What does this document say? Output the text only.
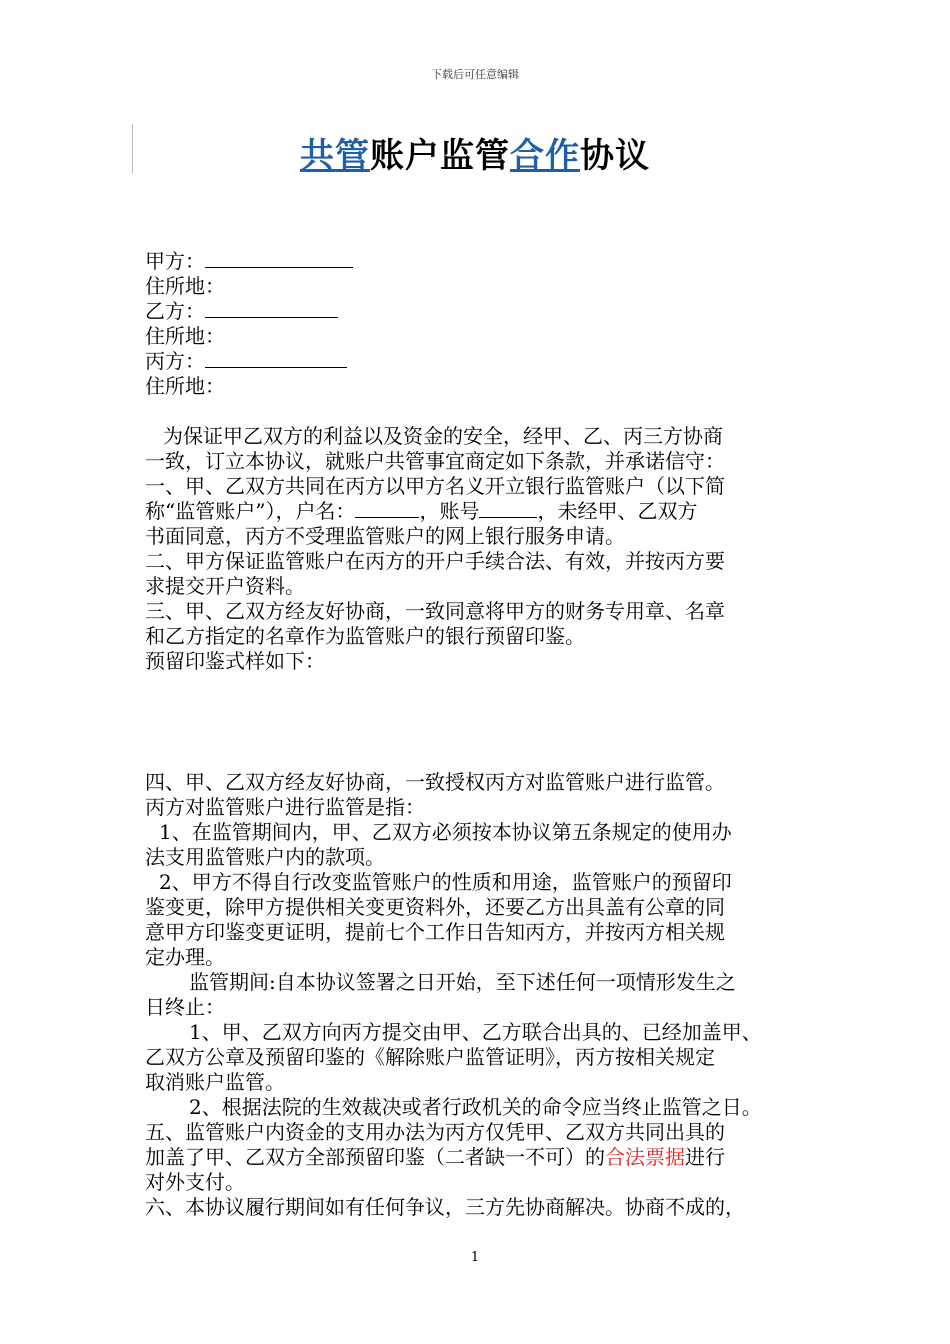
下载后可任意编辑
共管账户监管合作协议
甲方：
住所地：
乙方：
住所地：
丙方：
住所地：
为保证甲乙双方的利益以及资金的安全，经甲、乙、丙三方协商
一致，订立本协议，就账户共管事宜商定如下条款，并承诺信守：
一、甲、乙双方共同在丙方以甲方名义开立银行监管账户（以下简
称“监管账户”），户名：	，账号	，未经甲、乙双方
书面同意，丙方不受理监管账户的网上银行服务申请。
二、甲方保证监管账户在丙方的开户手续合法、有效，并按丙方要
求提交开户资料。
三、甲、乙双方经友好协商，一致同意将甲方的财务专用章、名章
和乙方指定的名章作为监管账户的银行预留印鉴。
预留印鉴式样如下：
四、甲、乙双方经友好协商，一致授权丙方对监管账户进行监管。
丙方对监管账户进行监管是指：
1、在监管期间内，甲、乙双方必须按本协议第五条规定的使用办
法支用监管账户内的款项。
2、甲方不得自行改变监管账户的性质和用途，监管账户的预留印
鉴变更，除甲方提供相关变更资料外，还要乙方出具盖有公章的同
意甲方印鉴变更证明，提前七个工作日告知丙方，并按丙方相关规
定办理。
监管期间:自本协议签署之日开始，至下述任何一项情形发生之
日终止：
1、甲、乙双方向丙方提交由甲、乙方联合出具的、已经加盖甲、
乙双方公章及预留印鉴的《解除账户监管证明》，丙方按相关规定
取消账户监管。
2、根据法院的生效裁决或者行政机关的命令应当终止监管之日。
五、监管账户内资金的支用办法为丙方仅凭甲、乙双方共同出具的
加盖了甲、乙双方全部预留印鉴（二者缺一不可）的合法票据进行
对外支付。
六、本协议履行期间如有任何争议，三方先协商解决。协商不成的，
1
